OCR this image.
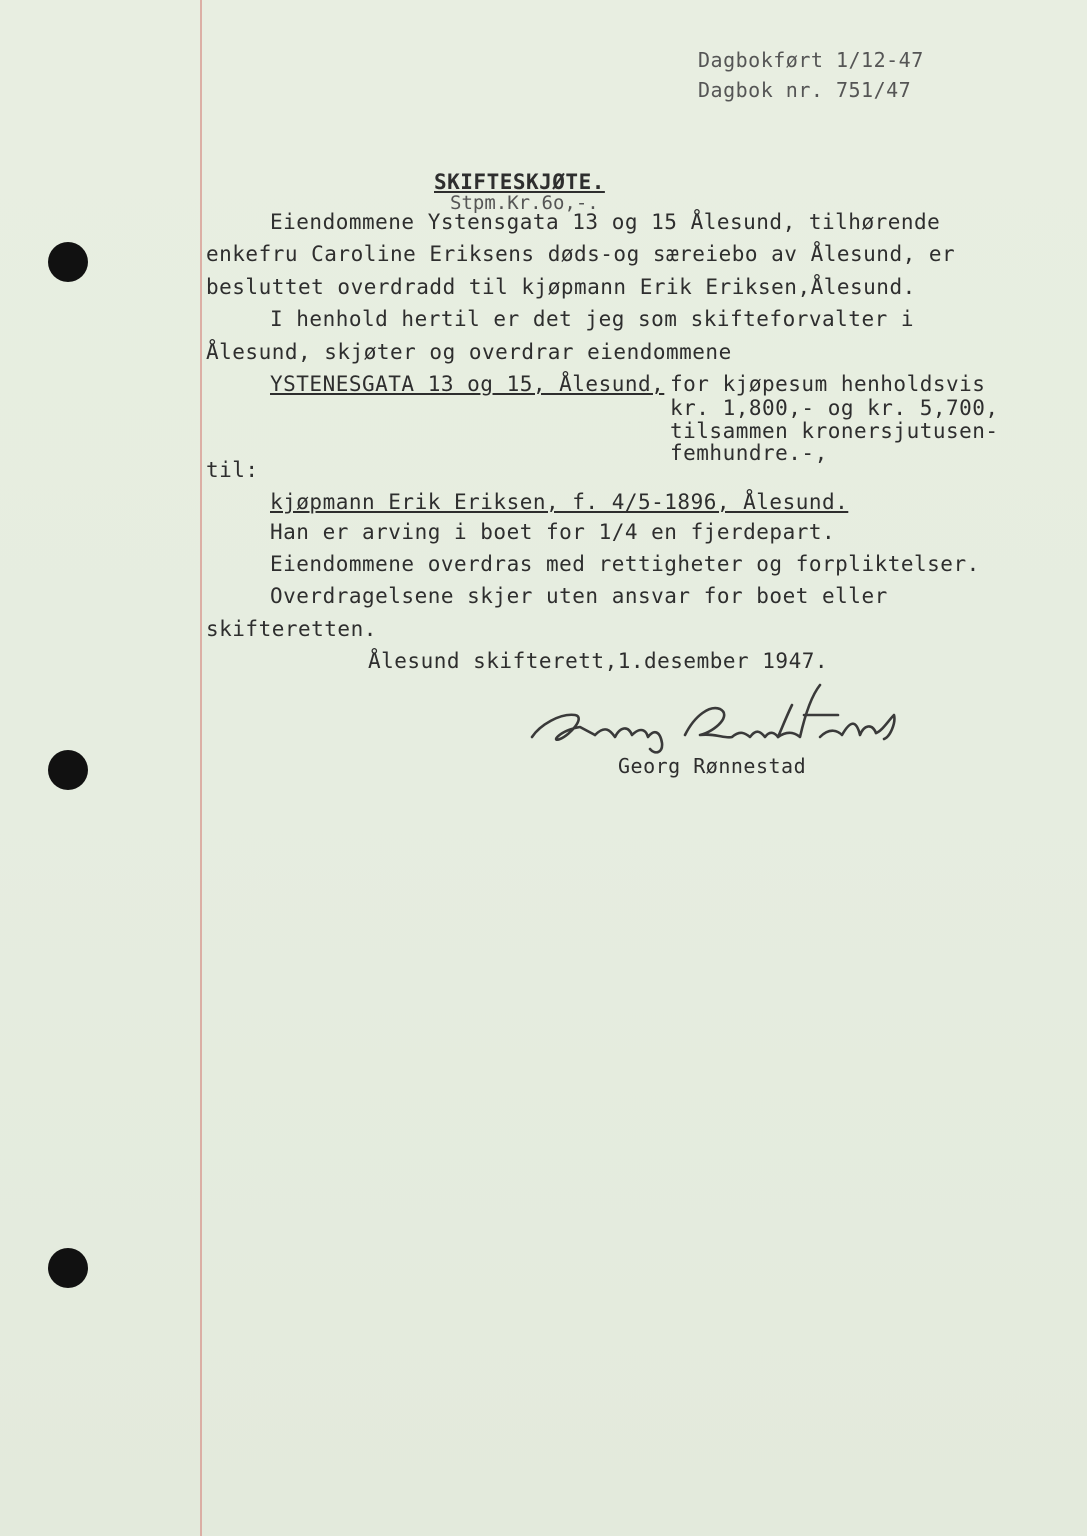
Dagbokført 1/12-47
Dagbok nr. 751/47
SKIFTESKJØTE.
Stpm.Kr.6o,-.
Eiendommene Ystensgata 13 og 15 Ålesund, tilhørende
enkefru Caroline Eriksens døds-og særeiebo av Ålesund, er
besluttet overdradd til kjøpmann Erik Eriksen,Ålesund.
I henhold hertil er det jeg som skifteforvalter i
Ålesund, skjøter og overdrar eiendommene
YSTENESGATA 13 og 15, Ålesund, for kjøpesum henholdsvis
kr. 1,800,- og kr. 5,700,
tilsammen kronersjutusen-
femhundre.-,
til:
kjøpmann Erik Eriksen, f. 4/5-1896, Ålesund.
Han er arving i boet for 1/4 en fjerdepart.
Eiendommene overdras med rettigheter og forpliktelser.
Overdragelsene skjer uten ansvar for boet eller
skifteretten.
Ålesund skifterett,1.desember 1947.
Georg Rønnestad
